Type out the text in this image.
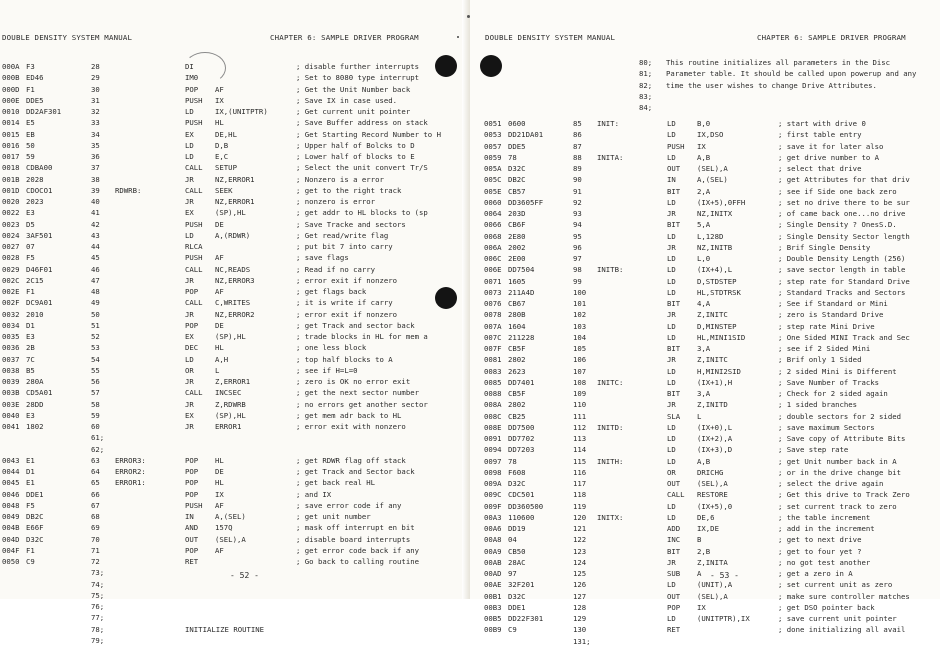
DOUBLE DENSITY SYSTEM MANUAL	CHAPTER 6: SAMPLE DRIVER PROGRAM
000A F3	28	DI	; disable further interrupts
000B ED46	29	IM0	; Set to 8080 type interrupt
000D F1	30	POP AF	; Get the Unit Number back
000E DDE5	31	PUSH IX	; Save IX in case used.
0010 DD2AF301	32	LD	IX,(UNITPTR)	; Get current unit pointer
0014 E5	33	PUSH HL	; Save Buffer address on stack
0015 EB	34	EX	DE,HL	; Get Starting Record Number to H
0016 50	35	LD	D,B	; Upper half of Bolcks to D
0017 59	36	LD	E,C	; Lower half of blocks to E
0018 CDBA00	37	CALL SETUP	; Select the unit convert Tr/S
001B 2028	38	JR	NZ,ERROR1	; Nonzero is a error
001D CDOCO1	39 RDWRB:	CALL SEEK	; get to the right track
0020 2023	40	JR	NZ,ERROR1	; nonzero is error
0022 E3	41	EX	(SP),HL	; get addr to HL blocks to (sp
0023 D5	42	PUSH DE	; Save Tracke and sectors
0024 3AF501	43	LD	A,(RDWR)	; Get read/write flag
0027 07	44	RLCA	; put bit 7 into carry
0028 F5	45	PUSH AF	; save flags
0029 D46F01	46	CALL NC,READS	; Read if no carry
002C 2C15	47	JR	NZ,ERROR3	; error exit if nonzero
002E F1	48	POP AF	; get flags back
002F DC9A01	49	CALL C,WRITES	; it is write if carry
0032 2010	50	JR	NZ,ERROR2	; error exit if nonzero
0034 D1	51	POP DE	; get Track and sector back
0035 E3	52	EX	(SP),HL	; trade blocks in HL for mem a
0036 2B	53	DEC HL	; one less block
0037 7C	54	LD	A,H	; top half blocks to A
0038 B5	55	OR	L	; see if H=L=0
0039 280A	56	JR	Z,ERROR1	; zero is OK no error exit
003B CD5A01	57	CALL INCSEC	; get the next sector number
003E 28DD	58	JR	Z,RDWRB	; no errors get another sector
0040 E3	59	EX	(SP),HL	; get mem adr back to HL
0041 1802	60	JR	ERROR1	; error exit with nonzero
61;
62;
0043 E1	63 ERROR3:	POP HL	; get RDWR flag off stack
0044 D1	64 ERROR2:	POP DE	; get Track and Sector back
0045 E1	65 ERROR1:	POP HL	; get back real HL
0046 DDE1	66	POP IX	; and IX
0048 F5	67	PUSH AF	; save error code if any
0049 DB2C	68	IN	A,(SEL)	; get unit number
004B E66F	69	AND 157Q	; mask off interrupt en bit
004D D32C	70	OUT (SEL),A	; disable board interrupts
004F F1	71	POP AF	; get error code back if any
0050 C9	72	RET	; Go back to calling routine
73;
74;
75;
76;
77;
78;	INITIALIZE ROUTINE
79;
- 52 -
DOUBLE DENSITY SYSTEM MANUAL	CHAPTER 6: SAMPLE DRIVER PROGRAM
80; This routine initializes all parameters in the Disc
81; Parameter table. It should be called upon powerup and any
82; time the user wishes to change Drive Attributes.
83;
84;
0051 0600	85 INIT:	LD	B,0	; start with drive 0
0053 DD21DA01	86	LD	IX,DSO	; first table entry
0057 DDE5	87	PUSH IX	; save it for later also
0059 78	88 INITA:	LD	A,B	; get drive number to A
005A D32C	89	OUT (SEL),A	; select that drive
005C DB2C	90	IN	A,(SEL)	; get Attributes for that driv
005E CB57	91	BIT 2,A	; see if Side one back zero
0060 DD3605FF	92	LD	(IX+5),0FFH	; set no drive there to be sur
0064 203D	93	JR	NZ,INITX	; of came back one...no drive
0066 CB6F	94	BIT 5,A	; Single Density ? OnesS.D.
0068 2E80	95	LD	L,128D	; Single Density Sector length
006A 2002	96	JR	NZ,INITB	; Brif Single Density
006C 2E00	97	LD	L,0	; Double Density Length (256)
006E DD7504	98 INITB:	LD	(IX+4),L	; save sector length in table
0071 1605	99	LD	D,STDSTEP	; step rate for Standard Drive
0073 211A4D	100	LD	HL,STDTRSK	; Standard Tracks and Sectors
0076 CB67	101	BIT 4,A	; See if Standard or Mini
0078 280B	102	JR	Z,INITC	; zero is Standard Drive
007A 1604	103	LD	D,MINSTEP	; step rate Mini Drive
007C 211228	104	LD	HL,MINI1SID	; One Sided MINI Track and Sec
007F CB5F	105	BIT 3,A	; see if 2 Sided Mini
0081 2802	106	JR	Z,INITC	; Brif only 1 Sided
0083 2623	107	LD	H,MINI2SID	; 2 sided Mini is Different
0085 DD7401	108 INITC:	LD	(IX+1),H	; Save Number of Tracks
0088 CB5F	109	BIT 3,A	; Check for 2 sided again
008A 2802	110	JR	Z,INITD	; 1 sided branches
008C CB25	111	SLA L	; double sectors for 2 sided
008E DD7500	112 INITD:	LD	(IX+0),L	; save maximum Sectors
0091 DD7702	113	LD	(IX+2),A	; Save copy of Attribute Bits
0094 DD7203	114	LD	(IX+3),D	; Save step rate
0097 78	115 INITH:	LD	A,B	; get Unit number back in A
0098 F608	116	OR	DRICHG	; or in the drive change bit
009A D32C	117	OUT (SEL),A	; select the drive again
009C CDC501	118	CALL RESTORE	; Get this drive to Track Zero
009F DD360500	119	LD	(IX+5),0	; set current track to zero
00A3 110600	120 INITX:	LD	DE,6	; the table increment
00A6 DD19	121	ADD IX,DE	; add in the increment
00A8 04	122	INC B	; get to next drive
00A9 CB50	123	BIT 2,B	; get to four yet ?
00AB 28AC	124	JR	Z,INITA	; no got test another
00AD 97	125	SUB A	; get a zero in A
00AE 32F201	126	LD	(UNIT),A	; set current unit as zero
00B1 D32C	127	OUT (SEL),A	; make sure controller matches
00B3 DDE1	128	POP IX	; get DSO pointer back
00B5 DD22F301	129	LD	(UNITPTR),IX	; save current unit pointer
00B9 C9	130	RET	; done initializing all avail
131;
- 53 -
